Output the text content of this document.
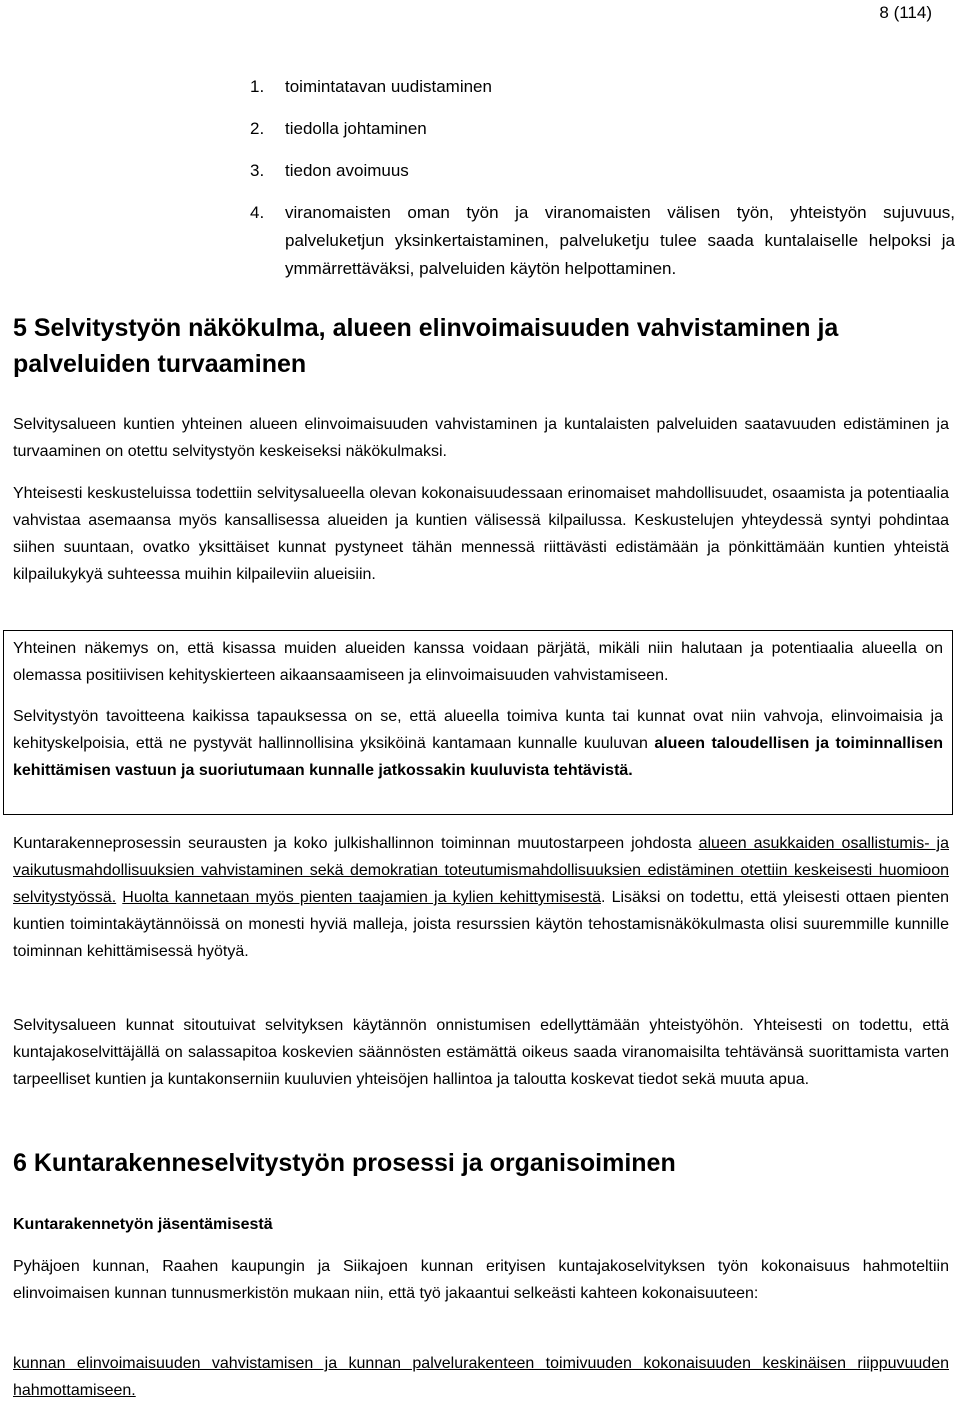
8 (114)
1. toimintatavan uudistaminen
2. tiedolla johtaminen
3. tiedon avoimuus
4. viranomaisten oman työn ja viranomaisten välisen työn, yhteistyön sujuvuus, palveluketjun yksinkertaistaminen, palveluketju tulee saada kuntalaiselle helpoksi ja ymmärrettäväksi, palveluiden käytön helpottaminen.
5 Selvitystyön näkökulma, alueen elinvoimaisuuden vahvistaminen ja palveluiden turvaaminen

Selvitysalueen kuntien yhteinen alueen elinvoimaisuuden vahvistaminen ja kuntalaisten palveluiden saatavuuden edistäminen ja turvaaminen on otettu selvitystyön keskeiseksi näkökulmaksi.

Yhteisesti keskusteluissa todettiin selvitysalueella olevan kokonaisuudessaan erinomaiset mahdollisuudet, osaamista ja potentiaalia vahvistaa asemaansa myös kansallisessa alueiden ja kuntien välisessä kilpailussa. Keskustelujen yhteydessä syntyi pohdintaa siihen suuntaan, ovatko yksittäiset kunnat pystyneet tähän mennessä riittävästi edistämään ja pönkittämään kuntien yhteistä kilpailukykyä suhteessa muihin kilpaileviin alueisiin.

Yhteinen näkemys on, että kisassa muiden alueiden kanssa voidaan pärjätä, mikäli niin halutaan ja potentiaalia alueella on olemassa positiivisen kehityskierteen aikaansaamiseen ja elinvoimaisuuden vahvistamiseen.

Selvitystyön tavoitteena kaikissa tapauksessa on se, että alueella toimiva kunta tai kunnat ovat niin vahvoja, elinvoimaisia ja kehityskelpoisia, että ne pystyvät hallinnollisina yksiköinä kantamaan kunnalle kuuluvan alueen taloudellisen ja toiminnallisen kehittämisen vastuun ja suoriutumaan kunnalle jatkossakin kuuluvista tehtävistä.

Kuntarakenneprosessin seurausten ja koko julkishallinnon toiminnan muutostarpeen johdosta alueen asukkaiden osallistumis- ja vaikutusmahdollisuuksien vahvistaminen sekä demokratian toteutumismahdollisuuksien edistäminen otettiin keskeisesti huomioon selvitystyössä. Huolta kannetaan myös pienten taajamien ja kylien kehittymisestä. Lisäksi on todettu, että yleisesti ottaen pienten kuntien toimintakäytännöissä on monesti hyviä malleja, joista resurssien käytön tehostamisnäkökulmasta olisi suuremmille kunnille toiminnan kehittämisessä hyötyä.

Selvitysalueen kunnat sitoutuivat selvityksen käytännön onnistumisen edellyttämään yhteistyöhön. Yhteisesti on todettu, että kuntajakoselvittäjällä on salassapitoa koskevien säännösten estämättä oikeus saada viranomaisilta tehtävänsä suorittamista varten tarpeelliset kuntien ja kuntakonserniin kuuluvien yhteisöjen hallintoa ja taloutta koskevat tiedot sekä muuta apua.

6 Kuntarakenneselvitystyön prosessi ja organisoiminen
Kuntarakennetyön jäsentämisestä

Pyhäjoen kunnan, Raahen kaupungin ja Siikajoen kunnan erityisen kuntajakoselvityksen työn kokonaisuus hahmoteltiin elinvoimaisen kunnan tunnusmerkistön mukaan niin, että työ jakaantui selkeästi kahteen kokonaisuuteen:

kunnan elinvoimaisuuden vahvistamisen ja kunnan palvelurakenteen toimivuuden kokonaisuuden keskinäisen riippuvuuden hahmottamiseen.
